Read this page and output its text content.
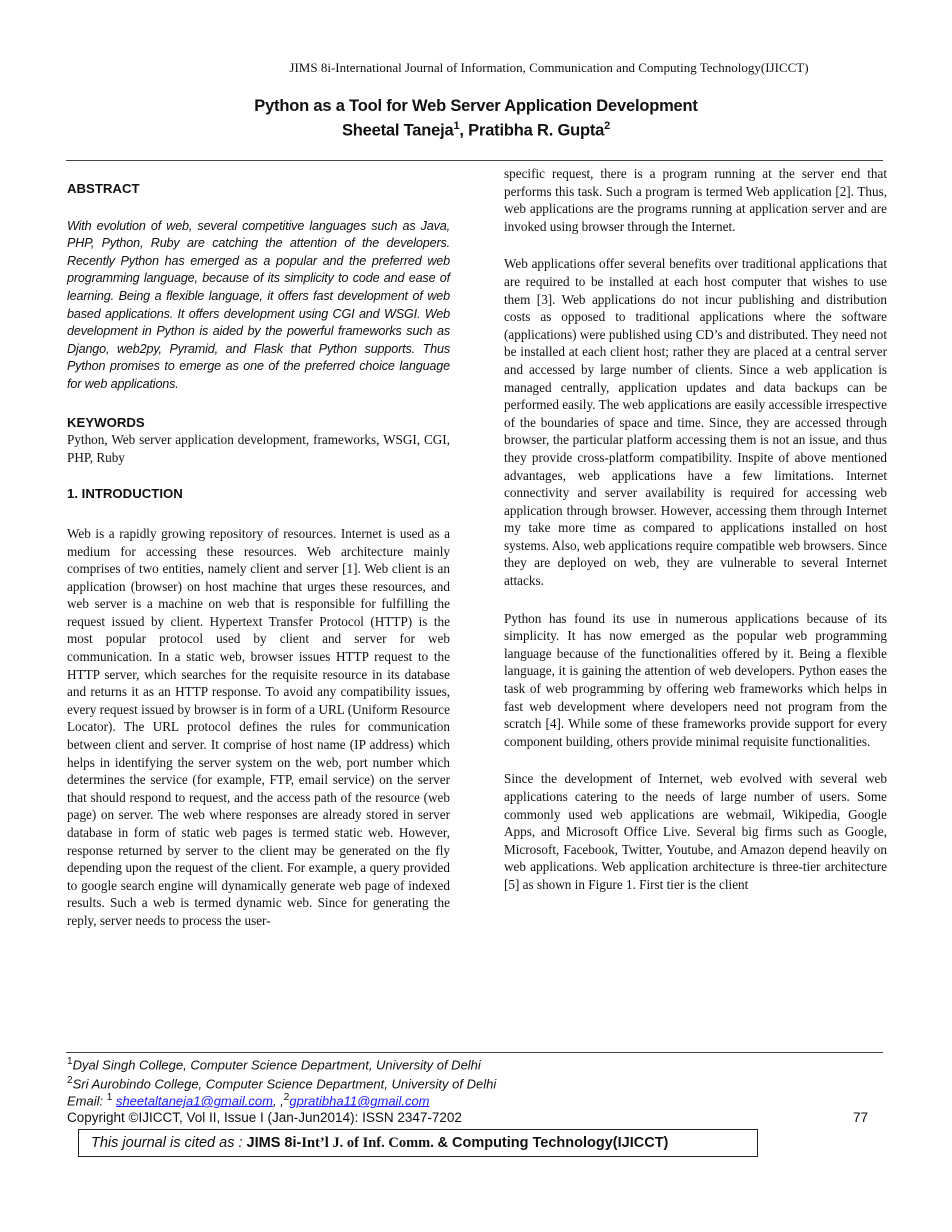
JIMS 8i-International Journal of Information, Communication and Computing Technology(IJICCT)
Python as a Tool for Web Server Application Development
Sheetal Taneja$^1$, Pratibha R. Gupta$^2$

ABSTRACT

With evolution of web, several competitive languages such as Java, PHP, Python, Ruby are catching the attention of the developers. Recently Python has emerged as a popular and the preferred web programming language, because of its simplicity to code and ease of learning. Being a flexible language, it offers fast development of web based applications. It offers development using CGI and WSGI. Web development in Python is aided by the powerful frameworks such as Django, web2py, Pyramid, and Flask that Python supports. Thus Python promises to emerge as one of the preferred choice language for web applications.

KEYWORDS

Python, Web server application development, frameworks, WSGI, CGI, PHP, Ruby

1. INTRODUCTION

Web is a rapidly growing repository of resources. Internet is used as a medium for accessing these resources. Web architecture mainly comprises of two entities, namely client and server [1]. Web client is an application (browser) on host machine that urges these resources, and web server is a machine on web that is responsible for fulfilling the request issued by client. Hypertext Transfer Protocol (HTTP) is the most popular protocol used by client and server for web communication. In a static web, browser issues HTTP request to the HTTP server, which searches for the requisite resource in its database and returns it as an HTTP response. To avoid any compatibility issues, every request issued by browser is in form of a URL (Uniform Resource Locator). The URL protocol defines the rules for communication between client and server. It comprise of host name (IP address) which helps in identifying the server system on the web, port number which determines the service (for example, FTP, email service) on the server that should respond to request, and the access path of the resource (web page) on server. The web where responses are already stored in server database in form of static web pages is termed static web. However, response returned by server to the client may be generated on the fly depending upon the request of the client. For example, a query provided to google search engine will dynamically generate web page of indexed results. Such a web is termed dynamic web. Since for generating the reply, server needs to process the user-

specific request, there is a program running at the server end that performs this task. Such a program is termed Web application [2]. Thus, web applications are the programs running at application server and are invoked using browser through the Internet.

Web applications offer several benefits over traditional applications that are required to be installed at each host computer that wishes to use them [3]. Web applications do not incur publishing and distribution costs as opposed to traditional applications where the software (applications) were published using CD’s and distributed. They need not be installed at each client host; rather they are placed at a central server and accessed by large number of clients. Since a web application is managed centrally, application updates and data backups can be performed easily. The web applications are easily accessible irrespective of the boundaries of space and time. Since, they are accessed through browser, the particular platform accessing them is not an issue, and thus they provide cross-platform compatibility. Inspite of above mentioned advantages, web applications have a few limitations. Internet connectivity and server availability is required for accessing web application through browser. However, accessing them through Internet my take more time as compared to applications installed on host systems. Also, web applications require compatible web browsers. Since they are deployed on web, they are vulnerable to several Internet attacks.

Python has found its use in numerous applications because of its simplicity. It has now emerged as the popular web programming language because of the functionalities offered by it. Being a flexible language, it is gaining the attention of web developers. Python eases the task of web programming by offering web frameworks which helps in fast web development where developers need not program from the scratch [4]. While some of these frameworks provide support for every component building, others provide minimal requisite functionalities.

Since the development of Internet, web evolved with several web applications catering to the needs of large number of users. Some commonly used web applications are webmail, Wikipedia, Google Apps, and Microsoft Office Live. Several big firms such as Google, Microsoft, Facebook, Twitter, Youtube, and Amazon depend heavily on web applications. Web application architecture is three-tier architecture [5] as shown in Figure 1. First tier is the client

$^1$Dyal Singh College, Computer Science Department, University of Delhi
$^2$Sri Aurobindo College, Computer Science Department, University of Delhi
Email: $^1$ sheetaltaneja1@gmail.com, ,$^2$gpratibha11@gmail.com
Copyright ©IJICCT, Vol II, Issue I (Jan-Jun2014): ISSN 2347-7202	77
This journal is cited as : JIMS 8i-Int’l J. of Inf. Comm. & Computing Technology(IJICCT)
